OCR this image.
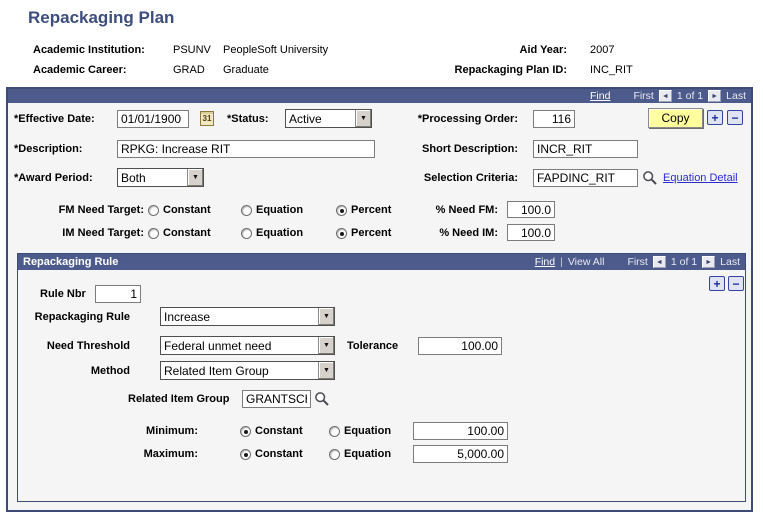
Repackaging Plan
Academic Institution:	PSUNV PeopleSoft University	Aid Year: 2007
Academic Career:	GRAD Graduate	Repackaging Plan ID: INC_RIT
Find First ◄ 1 of 1 ► Last
*Effective Date:
01/01/1900	31 *Status: Active	▼	*Processing Order:
116	Copy	+	−
*Description:
RPKG: Increase RIT	Short Description:
INCR_RIT
*Award Period: Both	▼	Selection Criteria:
FAPDINC_RIT	Equation Detail
FM Need Target: Constant	Equation	Percent	% Need FM:
100.0
IM Need Target: Constant	Equation	Percent	% Need IM:
100.0
Find | View All First ◄ 1 of 1 ► Last
Repackaging Rule
+ −
Rule Nbr
1
Repackaging Rule	Increase	▼
Need Threshold	Federal unmet need	▼	Tolerance
100.00
Method	Related Item Group	▼
Related Item Group
GRANTSCH
Minimum:	Constant	Equation
100.00
Maximum:	Constant	Equation
5,000.00
